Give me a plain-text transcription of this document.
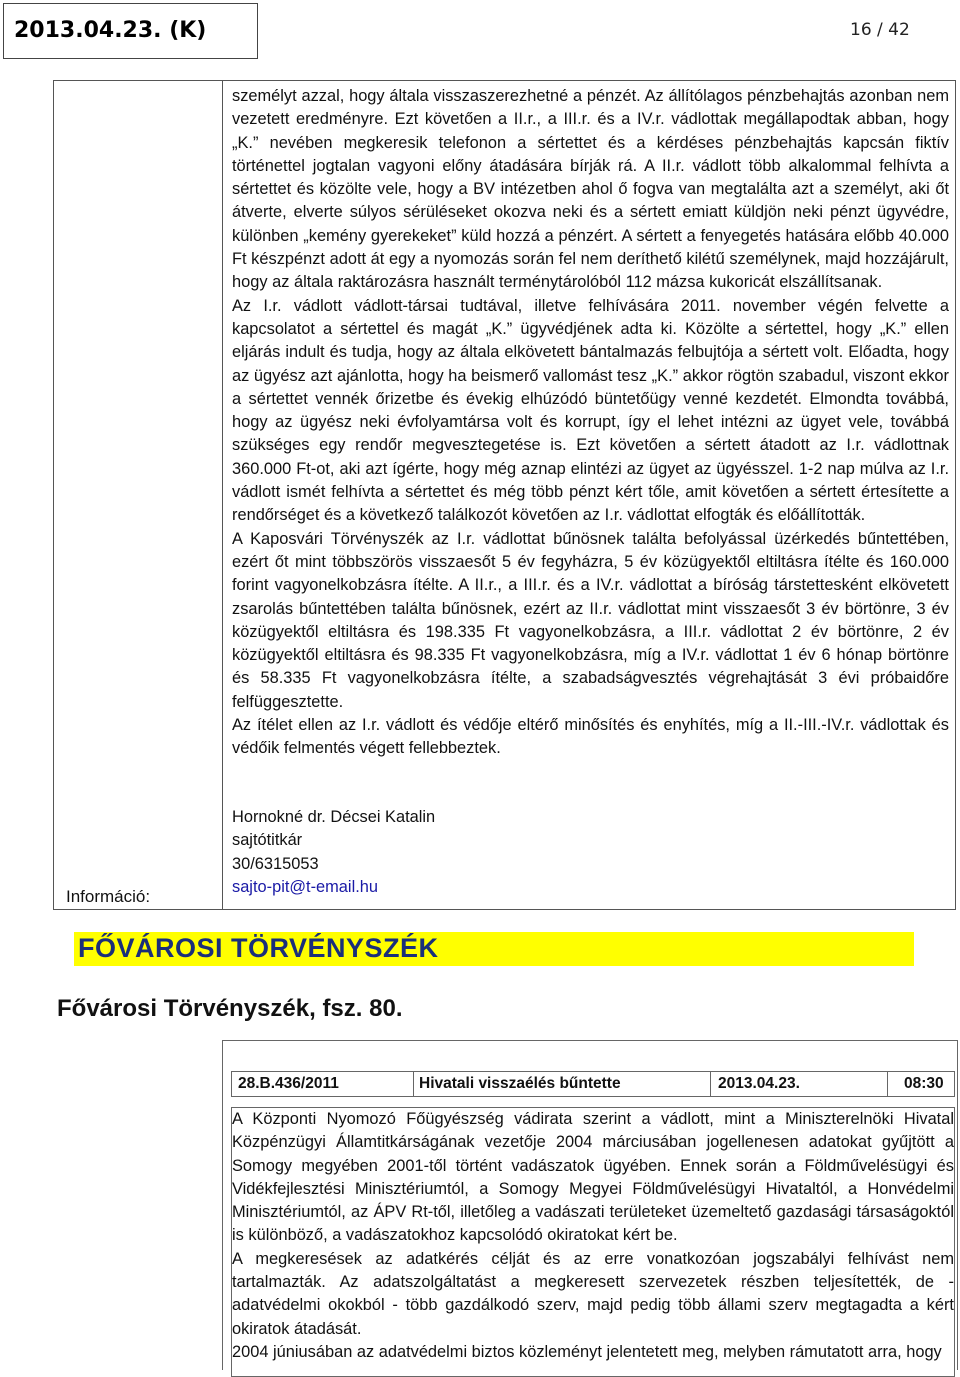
2013.04.23. (K)	16 / 42
Információ:

személyt azzal, hogy általa visszaszerezhetné a pénzét. Az állítólagos pénzbehajtás azonban nem vezetett eredményre. Ezt követően a II.r., a III.r. és a IV.r. vádlottak megállapodtak abban, hogy „K.” nevében megkeresik telefonon a sértettet és a kérdéses pénzbehajtás kapcsán fiktív történettel jogtalan vagyoni előny átadására bírják rá. A II.r. vádlott több alkalommal felhívta a sértettet és közölte vele, hogy a BV intézetben ahol ő fogva van megtalálta azt a személyt, aki őt átverte, elverte súlyos sérüléseket okozva neki és a sértett emiatt küldjön neki pénzt ügyvédre, különben „kemény gyerekeket” küld hozzá a pénzért. A sértett a fenyegetés hatására előbb 40.000 Ft készpénzt adott át egy a nyomozás során fel nem deríthető kilétű személynek, majd hozzájárult, hogy az általa raktározásra használt terménytárolóból 112 mázsa kukoricát elszállítsanak.

Az I.r. vádlott vádlott-társai tudtával, illetve felhívására 2011. november végén felvette a kapcsolatot a sértettel és magát „K.” ügyvédjének adta ki. Közölte a sértettel, hogy „K.” ellen eljárás indult és tudja, hogy az általa elkövetett bántalmazás felbujtója a sértett volt. Előadta, hogy az ügyész azt ajánlotta, hogy ha beismerő vallomást tesz „K.” akkor rögtön szabadul, viszont ekkor a sértettet vennék őrizetbe és évekig elhúzódó büntetőügy venné kezdetét. Elmondta továbbá, hogy az ügyész neki évfolyamtársa volt és korrupt, így el lehet intézni az ügyet vele, továbbá szükséges egy rendőr megvesztegetése is. Ezt követően a sértett átadott az I.r. vádlottnak 360.000 Ft-ot, aki azt ígérte, hogy még aznap elintézi az ügyet az ügyésszel. 1-2 nap múlva az I.r. vádlott ismét felhívta a sértettet és még több pénzt kért tőle, amit követően a sértett értesítette a rendőrséget és a következő találkozót követően az I.r. vádlottat elfogták és előállították.

A Kaposvári Törvényszék az I.r. vádlottat bűnösnek találta befolyással üzérkedés bűntettében, ezért őt mint többszörös visszaesőt 5 év fegyházra, 5 év közügyektől eltiltásra ítélte és 160.000 forint vagyonelkobzásra ítélte. A II.r., a III.r. és a IV.r. vádlottat a bíróság társtettesként elkövetett zsarolás bűntettében találta bűnösnek, ezért az II.r. vádlottat mint visszaesőt 3 év börtönre, 3 év közügyektől eltiltásra és 198.335 Ft vagyonelkobzásra, a III.r. vádlottat 2 év börtönre, 2 év közügyektől eltiltásra és 98.335 Ft vagyonelkobzásra, míg a IV.r. vádlottat 1 év 6 hónap börtönre és 58.335 Ft vagyonelkobzásra ítélte, a szabadságvesztés végrehajtását 3 évi próbaidőre felfüggesztette.

Az ítélet ellen az I.r. vádlott és védője eltérő minősítés és enyhítés, míg a II.-III.-IV.r. vádlottak és védőik felmentés végett fellebbeztek.

Hornokné dr. Décsei Katalin
sajtótitkár
30/6315053
sajto-pit@t-email.hu
FŐVÁROSI TÖRVÉNYSZÉK
Fővárosi Törvényszék, fsz. 80.
28.B.436/2011	Hivatali visszaélés bűntette	2013.04.23.	08:30

A Központi Nyomozó Főügyészség vádirata szerint a vádlott, mint a Miniszterelnöki Hivatal Közpénzügyi Államtitkárságának vezetője 2004 márciusában jogellenesen adatokat gyűjtött a Somogy megyében 2001-től történt vadászatok ügyében. Ennek során a Földművelésügyi és Vidékfejlesztési Minisztériumtól, a Somogy Megyei Földművelésügyi Hivataltól, a Honvédelmi Minisztériumtól, az ÁPV Rt-től, illetőleg a vadászati területeket üzemeltető gazdasági társaságoktól is különböző, a vadászatokhoz kapcsolódó okiratokat kért be.

A megkeresések az adatkérés célját és az erre vonatkozóan jogszabályi felhívást nem tartalmazták. Az adatszolgáltatást a megkeresett szervezetek részben teljesítették, de - adatvédelmi okokból - több gazdálkodó szerv, majd pedig több állami szerv megtagadta a kért okiratok átadását.

2004 júniusában az adatvédelmi biztos közleményt jelentetett meg, melyben rámutatott arra, hogy
